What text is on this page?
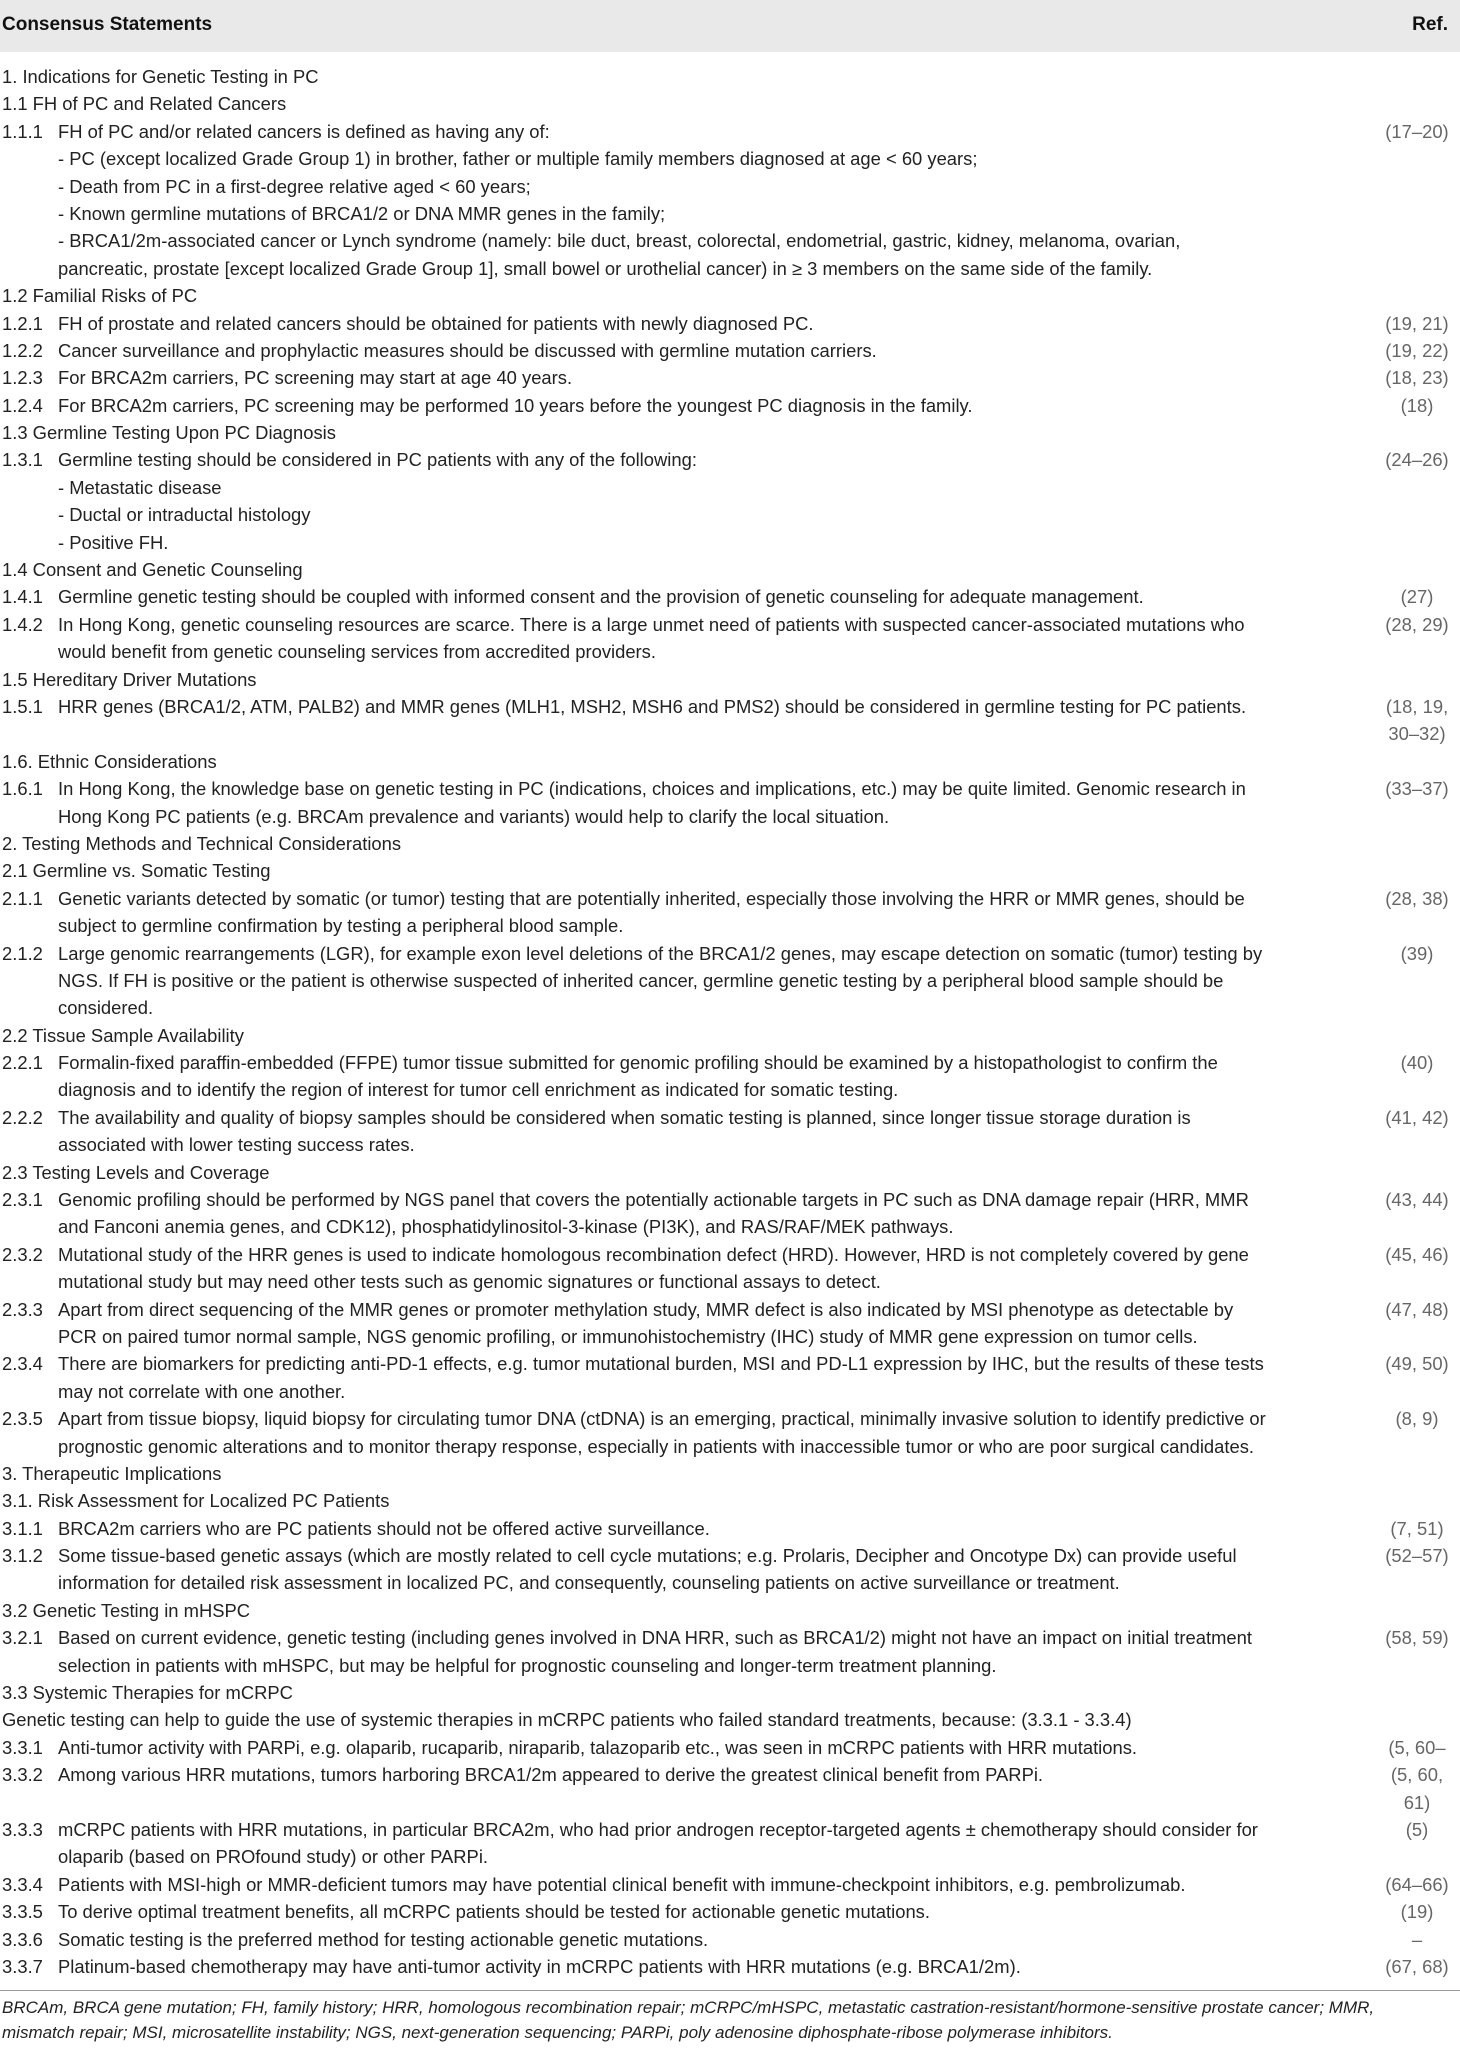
Consensus Statements	Ref.
1. Indications for Genetic Testing in PC
1.1 FH of PC and Related Cancers
1.1.1 FH of PC and/or related cancers is defined as having any of:	(17–20)
- PC (except localized Grade Group 1) in brother, father or multiple family members diagnosed at age < 60 years;
- Death from PC in a first-degree relative aged < 60 years;
- Known germline mutations of BRCA1/2 or DNA MMR genes in the family;
- BRCA1/2m-associated cancer or Lynch syndrome (namely: bile duct, breast, colorectal, endometrial, gastric, kidney, melanoma, ovarian,
pancreatic, prostate [except localized Grade Group 1], small bowel or urothelial cancer) in ≥ 3 members on the same side of the family.
1.2 Familial Risks of PC
1.2.1 FH of prostate and related cancers should be obtained for patients with newly diagnosed PC.	(19, 21)
1.2.2 Cancer surveillance and prophylactic measures should be discussed with germline mutation carriers.	(19, 22)
1.2.3 For BRCA2m carriers, PC screening may start at age 40 years.	(18, 23)
1.2.4 For BRCA2m carriers, PC screening may be performed 10 years before the youngest PC diagnosis in the family.	(18)
1.3 Germline Testing Upon PC Diagnosis
1.3.1 Germline testing should be considered in PC patients with any of the following:	(24–26)
- Metastatic disease
- Ductal or intraductal histology
- Positive FH.
1.4 Consent and Genetic Counseling
1.4.1 Germline genetic testing should be coupled with informed consent and the provision of genetic counseling for adequate management.	(27)
1.4.2 In Hong Kong, genetic counseling resources are scarce. There is a large unmet need of patients with suspected cancer-associated mutations who	(28, 29)
would benefit from genetic counseling services from accredited providers.
1.5 Hereditary Driver Mutations
1.5.1 HRR genes (BRCA1/2, ATM, PALB2) and MMR genes (MLH1, MSH2, MSH6 and PMS2) should be considered in germline testing for PC patients.	(18, 19,
30–32)
1.6. Ethnic Considerations
1.6.1 In Hong Kong, the knowledge base on genetic testing in PC (indications, choices and implications, etc.) may be quite limited. Genomic research in	(33–37)
Hong Kong PC patients (e.g. BRCAm prevalence and variants) would help to clarify the local situation.
2. Testing Methods and Technical Considerations
2.1 Germline vs. Somatic Testing
2.1.1 Genetic variants detected by somatic (or tumor) testing that are potentially inherited, especially those involving the HRR or MMR genes, should be	(28, 38)
subject to germline confirmation by testing a peripheral blood sample.
2.1.2 Large genomic rearrangements (LGR), for example exon level deletions of the BRCA1/2 genes, may escape detection on somatic (tumor) testing by	(39)
NGS. If FH is positive or the patient is otherwise suspected of inherited cancer, germline genetic testing by a peripheral blood sample should be
considered.
2.2 Tissue Sample Availability
2.2.1 Formalin-fixed paraffin-embedded (FFPE) tumor tissue submitted for genomic profiling should be examined by a histopathologist to confirm the	(40)
diagnosis and to identify the region of interest for tumor cell enrichment as indicated for somatic testing.
2.2.2 The availability and quality of biopsy samples should be considered when somatic testing is planned, since longer tissue storage duration is	(41, 42)
associated with lower testing success rates.
2.3 Testing Levels and Coverage
2.3.1 Genomic profiling should be performed by NGS panel that covers the potentially actionable targets in PC such as DNA damage repair (HRR, MMR	(43, 44)
and Fanconi anemia genes, and CDK12), phosphatidylinositol-3-kinase (PI3K), and RAS/RAF/MEK pathways.
2.3.2 Mutational study of the HRR genes is used to indicate homologous recombination defect (HRD). However, HRD is not completely covered by gene	(45, 46)
mutational study but may need other tests such as genomic signatures or functional assays to detect.
2.3.3 Apart from direct sequencing of the MMR genes or promoter methylation study, MMR defect is also indicated by MSI phenotype as detectable by	(47, 48)
PCR on paired tumor normal sample, NGS genomic profiling, or immunohistochemistry (IHC) study of MMR gene expression on tumor cells.
2.3.4 There are biomarkers for predicting anti-PD-1 effects, e.g. tumor mutational burden, MSI and PD-L1 expression by IHC, but the results of these tests	(49, 50)
may not correlate with one another.
2.3.5 Apart from tissue biopsy, liquid biopsy for circulating tumor DNA (ctDNA) is an emerging, practical, minimally invasive solution to identify predictive or	(8, 9)
prognostic genomic alterations and to monitor therapy response, especially in patients with inaccessible tumor or who are poor surgical candidates.
3. Therapeutic Implications
3.1. Risk Assessment for Localized PC Patients
3.1.1 BRCA2m carriers who are PC patients should not be offered active surveillance.	(7, 51)
3.1.2 Some tissue-based genetic assays (which are mostly related to cell cycle mutations; e.g. Prolaris, Decipher and Oncotype Dx) can provide useful	(52–57)
information for detailed risk assessment in localized PC, and consequently, counseling patients on active surveillance or treatment.
3.2 Genetic Testing in mHSPC
3.2.1 Based on current evidence, genetic testing (including genes involved in DNA HRR, such as BRCA1/2) might not have an impact on initial treatment	(58, 59)
selection in patients with mHSPC, but may be helpful for prognostic counseling and longer-term treatment planning.
3.3 Systemic Therapies for mCRPC
Genetic testing can help to guide the use of systemic therapies in mCRPC patients who failed standard treatments, because: (3.3.1 - 3.3.4)
3.3.1 Anti-tumor activity with PARPi, e.g. olaparib, rucaparib, niraparib, talazoparib etc., was seen in mCRPC patients with HRR mutations.	(5, 60–
3.3.2 Among various HRR mutations, tumors harboring BRCA1/2m appeared to derive the greatest clinical benefit from PARPi.	(5, 60,
61)
3.3.3 mCRPC patients with HRR mutations, in particular BRCA2m, who had prior androgen receptor-targeted agents ± chemotherapy should consider for	(5)
olaparib (based on PROfound study) or other PARPi.
3.3.4 Patients with MSI-high or MMR-deficient tumors may have potential clinical benefit with immune-checkpoint inhibitors, e.g. pembrolizumab.	(64–66)
3.3.5 To derive optimal treatment benefits, all mCRPC patients should be tested for actionable genetic mutations.	(19)
3.3.6 Somatic testing is the preferred method for testing actionable genetic mutations.	–
3.3.7 Platinum-based chemotherapy may have anti-tumor activity in mCRPC patients with HRR mutations (e.g. BRCA1/2m).	(67, 68)
BRCAm, BRCA gene mutation; FH, family history; HRR, homologous recombination repair; mCRPC/mHSPC, metastatic castration-resistant/hormone-sensitive prostate cancer; MMR, mismatch repair; MSI, microsatellite instability; NGS, next-generation sequencing; PARPi, poly adenosine diphosphate-ribose polymerase inhibitors.
